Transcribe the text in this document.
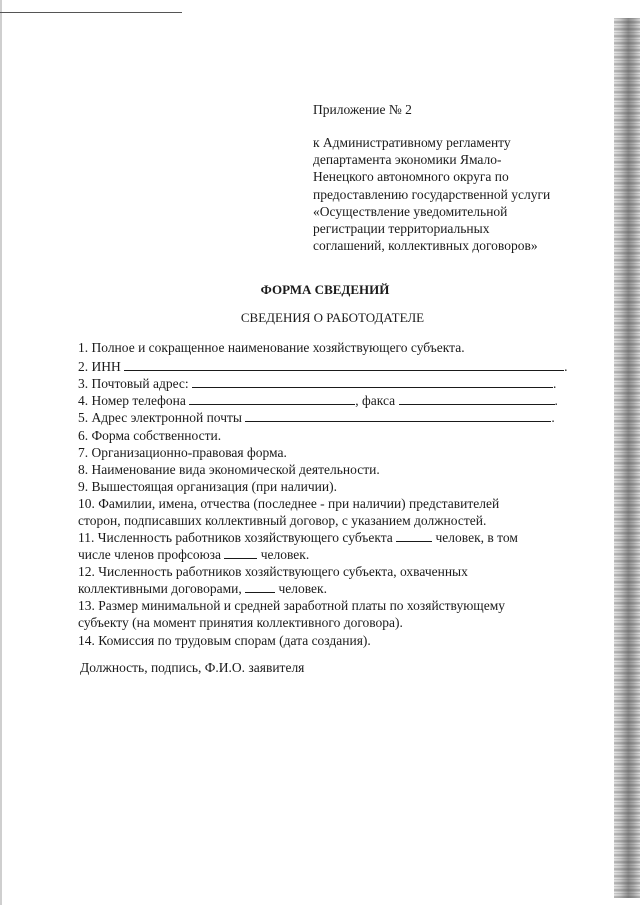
Приложение № 2
к Административному регламенту
департамента экономики Ямало-
Ненецкого автономного округа по
предоставлению государственной услуги
«Осуществление уведомительной
регистрации территориальных
соглашений, коллективных договоров»
ФОРМА СВЕДЕНИЙ
СВЕДЕНИЯ О РАБОТОДАТЕЛЕ
1. Полное и сокращенное наименование хозяйствующего субъекта.
2. ИНН	.
3. Почтовый адрес:	.
4. Номер телефона	, факса	.
5. Адрес электронной почты	.
6. Форма собственности.
7. Организационно-правовая форма.
8. Наименование вида экономической деятельности.
9. Вышестоящая организация (при наличии).
10. Фамилии, имена, отчества (последнее - при наличии) представителей
сторон, подписавших коллективный договор, с указанием должностей.
11. Численность работников хозяйствующего субъекта	человек, в том
числе членов профсоюза	человек.
12. Численность работников хозяйствующего субъекта, охваченных
коллективными договорами,	человек.
13. Размер минимальной и средней заработной платы по хозяйствующему
субъекту (на момент принятия коллективного договора).
14. Комиссия по трудовым спорам (дата создания).
Должность, подпись, Ф.И.О. заявителя
